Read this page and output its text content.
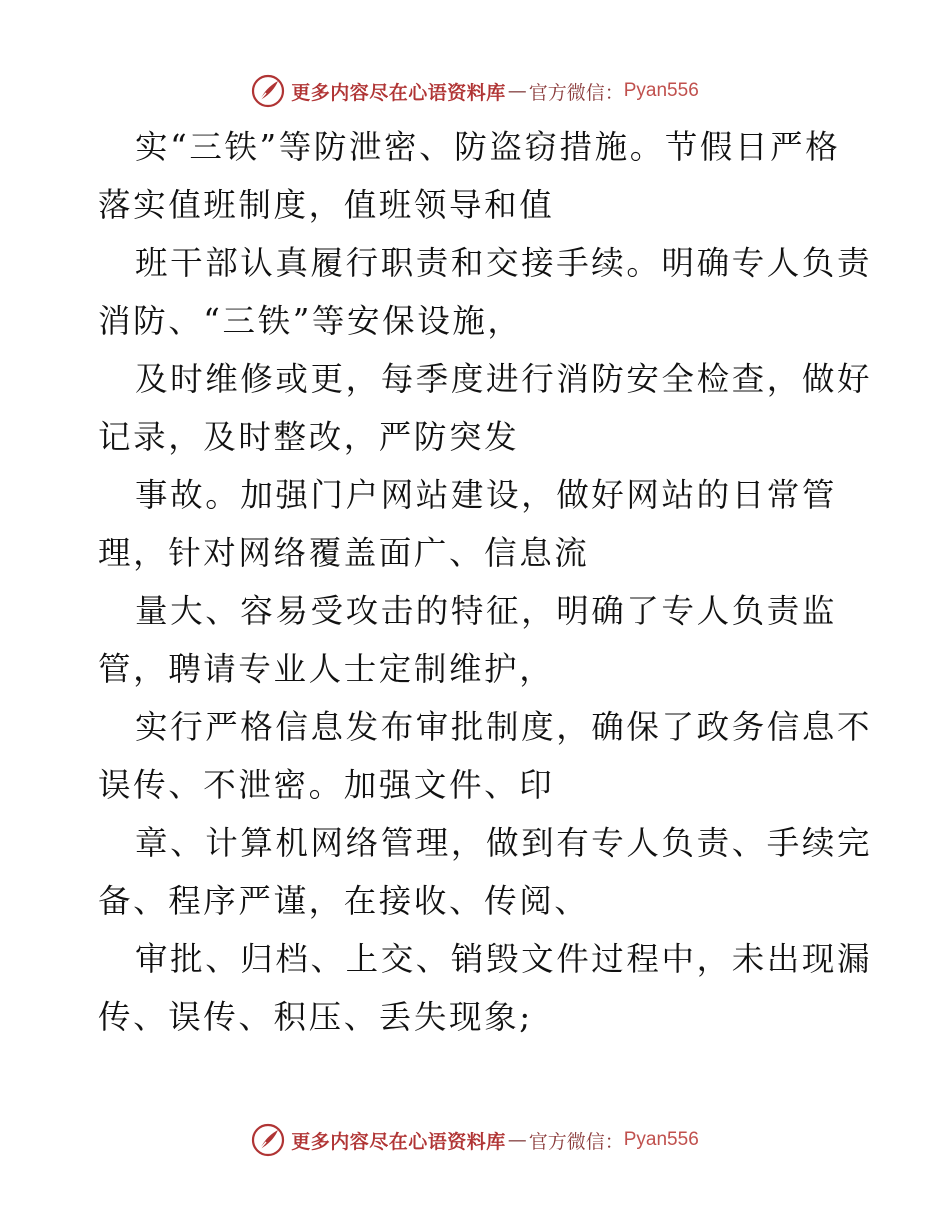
更多内容尽在心语资料库 — 官方微信： Pyan556
实“三铁”等防泄密、防盗窃措施。节假日严格
落实值班制度，值班领导和值
班干部认真履行职责和交接手续。明确专人负责
消防、“三铁”等安保设施，
及时维修或更，每季度进行消防安全检查，做好
记录，及时整改，严防突发
事故。加强门户网站建设，做好网站的日常管
理，针对网络覆盖面广、信息流
量大、容易受攻击的特征，明确了专人负责监
管，聘请专业人士定制维护，
实行严格信息发布审批制度，确保了政务信息不
误传、不泄密。加强文件、印
章、计算机网络管理，做到有专人负责、手续完
备、程序严谨，在接收、传阅、
审批、归档、上交、销毁文件过程中，未出现漏
传、误传、积压、丢失现象;
更多内容尽在心语资料库 — 官方微信： Pyan556
